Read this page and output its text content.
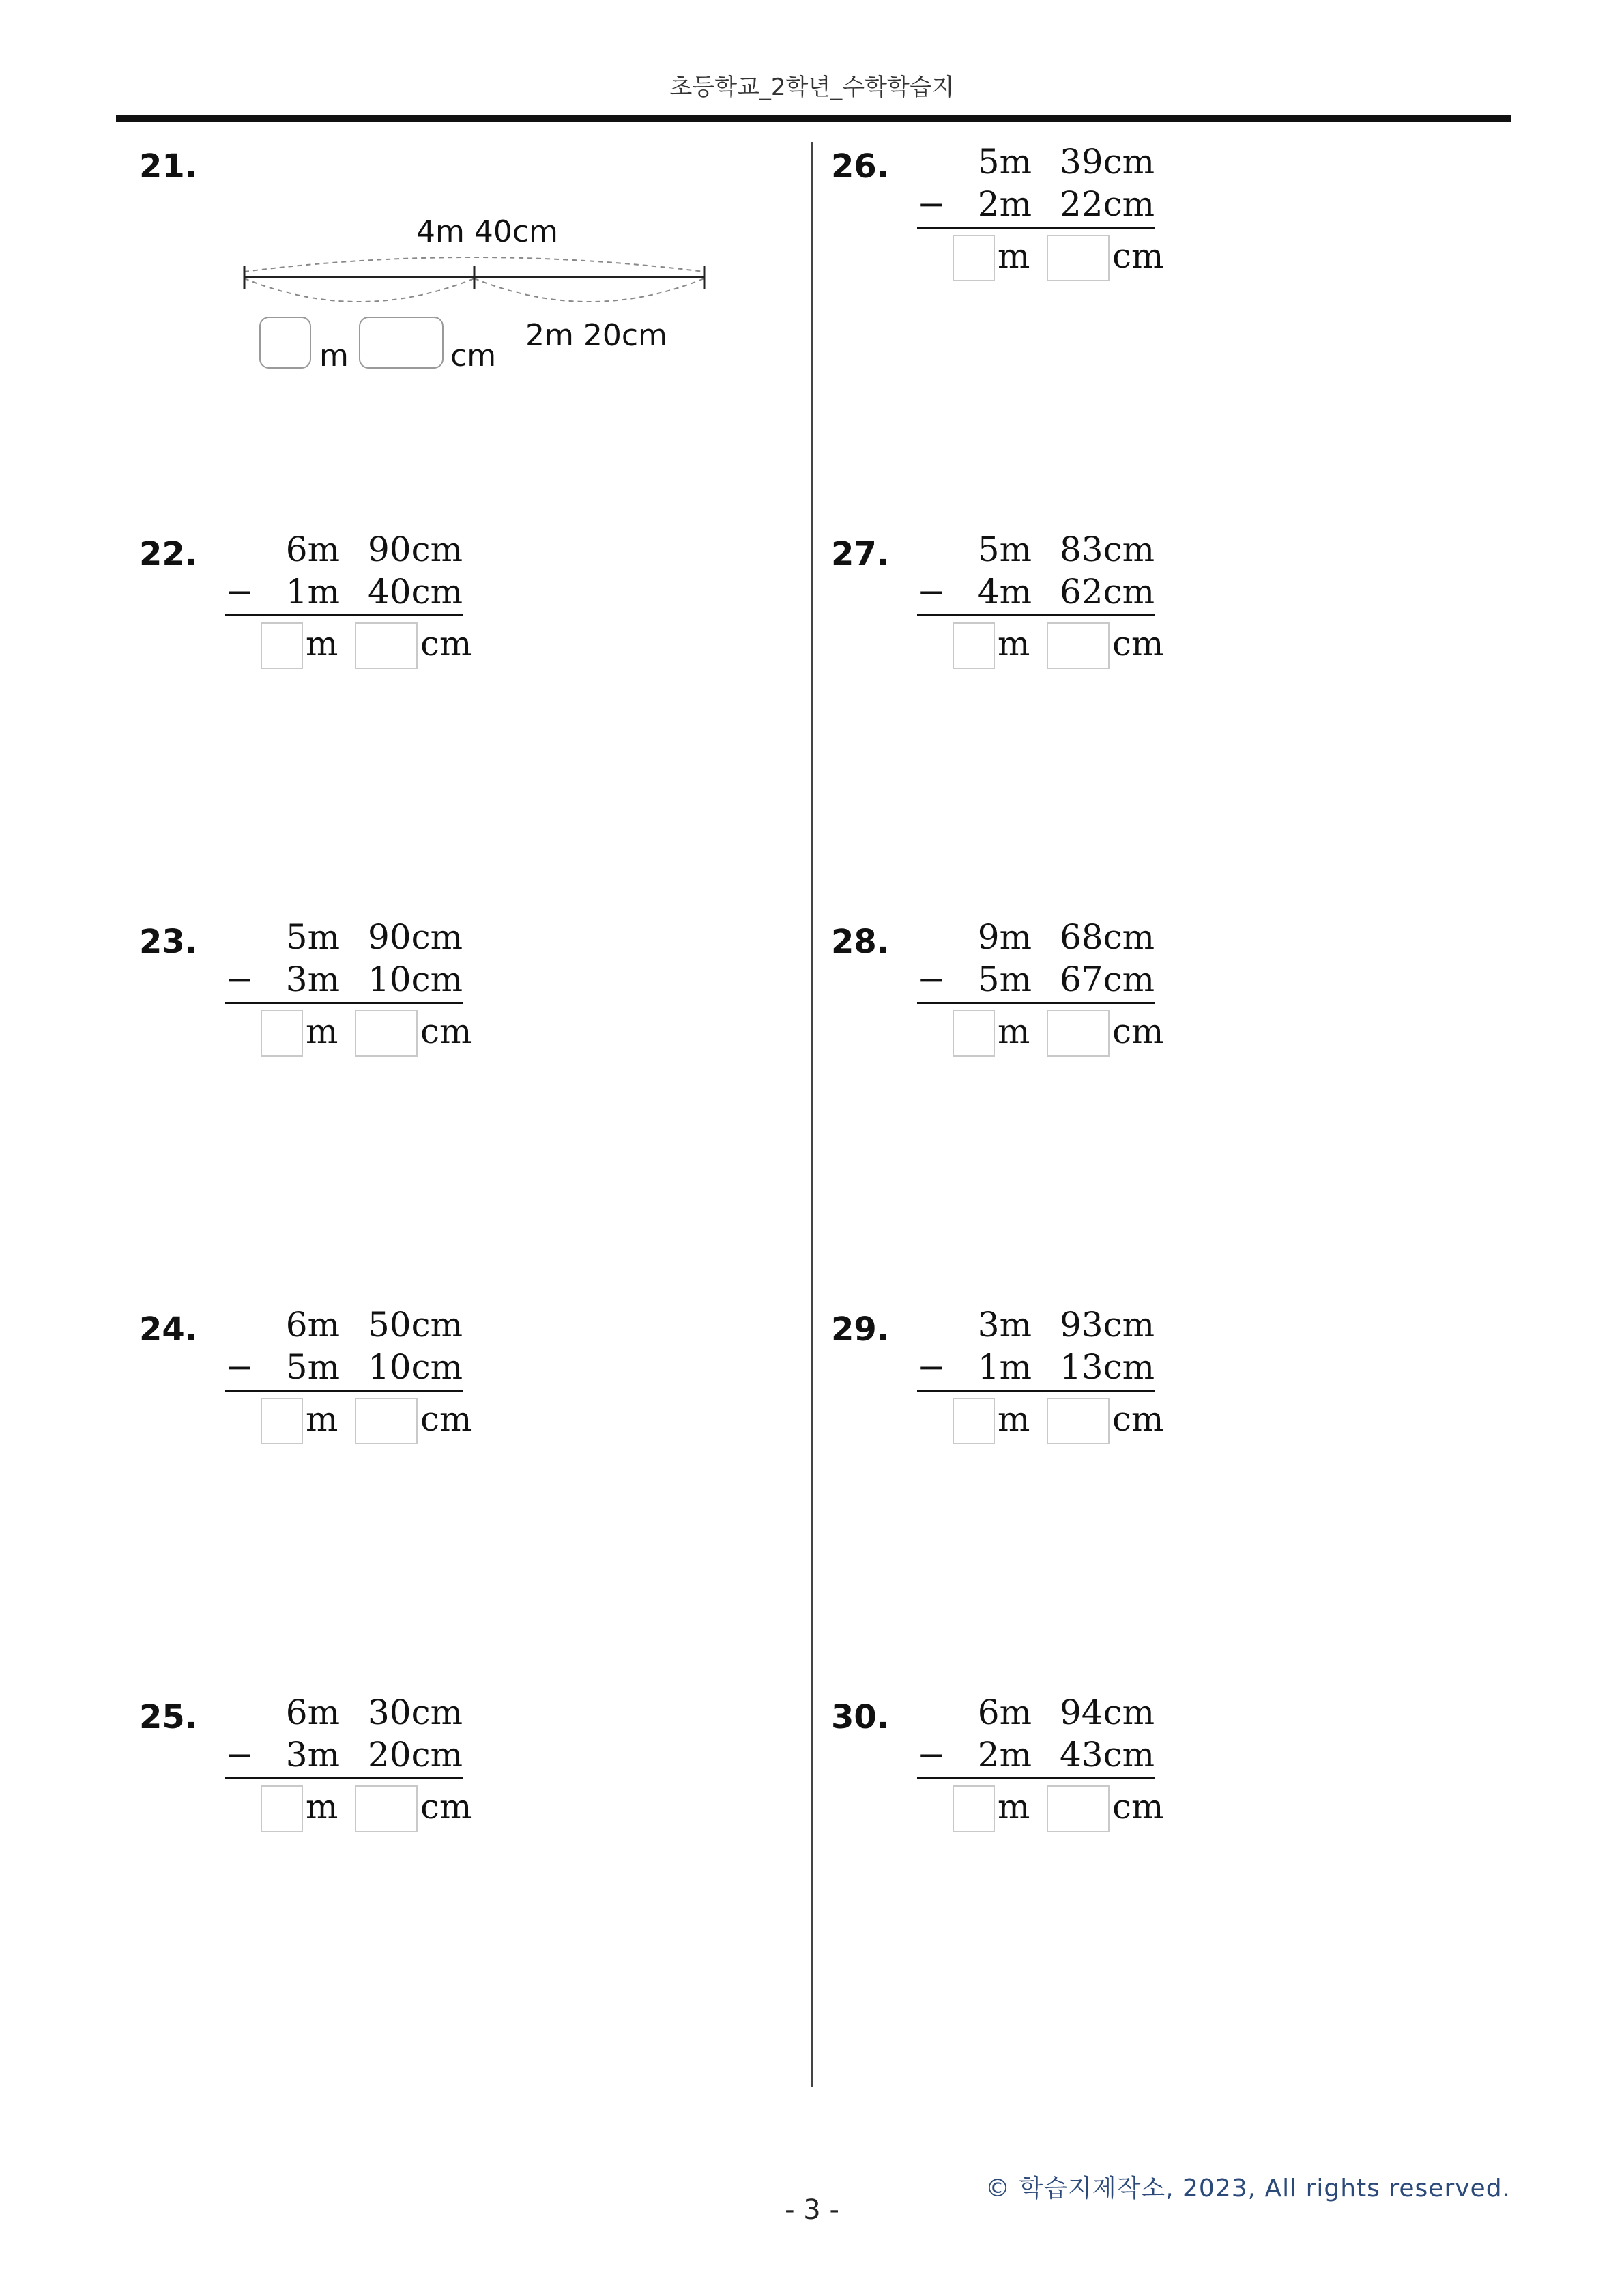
초등학교_2학년_수학학습지
21.
4m 40cm
m	cm
2m 20cm
22.	6m 90cm
− 1m 40cm
m cm
23.	5m 90cm
− 3m 10cm
m cm
24.	6m 50cm
− 5m 10cm
m cm
25.	6m 30cm
− 3m 20cm
m cm
26.	5m 39cm
− 2m 22cm
m cm
27.	5m 83cm
− 4m 62cm
m cm
28.	9m 68cm
− 5m 67cm
m cm
29.	3m 93cm
− 1m 13cm
m cm
30.	6m 94cm
− 2m 43cm
m cm
© 학습지제작소, 2023, All rights reserved.
- 3 -
